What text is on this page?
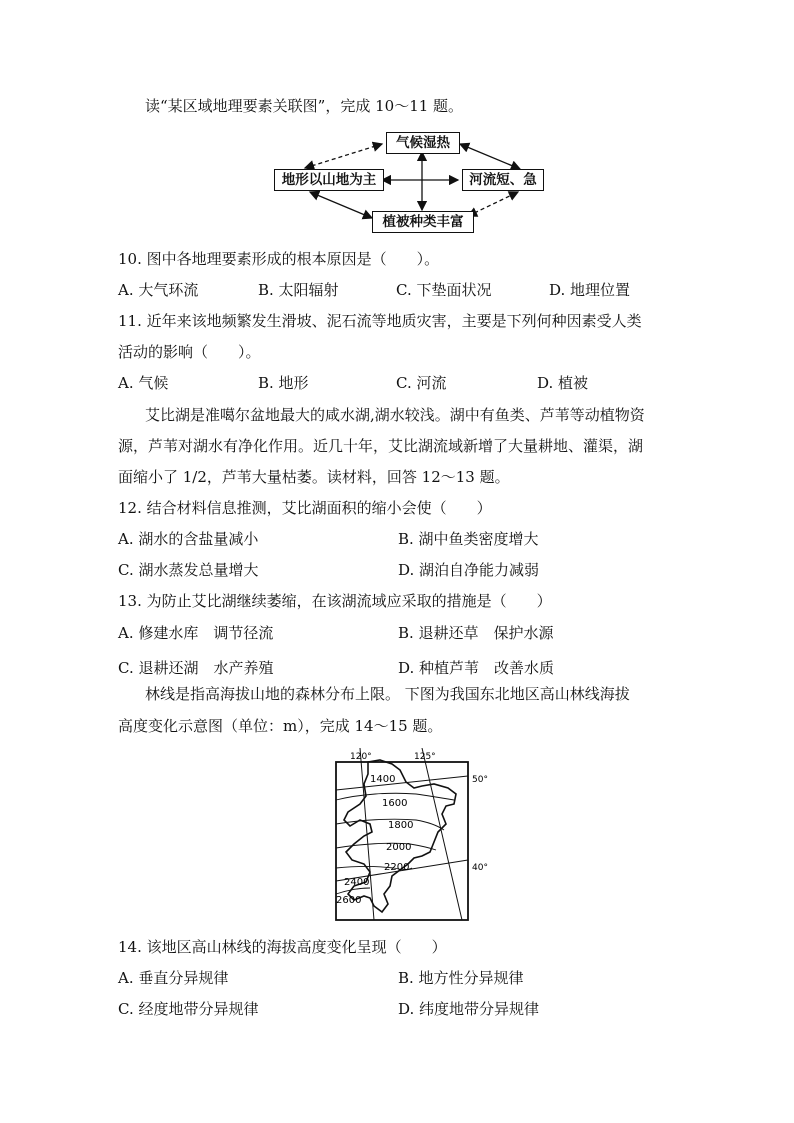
读“某区域地理要素关联图”，完成 10～11 题。
气候湿热
地形以山地为主	河流短、急
植被种类丰富
10. 图中各地理要素形成的根本原因是（　　）。
A. 大气环流	B. 太阳辐射	C. 下垫面状况	D. 地理位置
11. 近年来该地频繁发生滑坡、泥石流等地质灾害，主要是下列何种因素受人类
活动的影响（　　）。
A. 气候	B. 地形	C. 河流	D. 植被
艾比湖是准噶尔盆地最大的咸水湖,湖水较浅。湖中有鱼类、芦苇等动植物资
源，芦苇对湖水有净化作用。近几十年，艾比湖流域新增了大量耕地、灌渠，湖
面缩小了 1/2，芦苇大量枯萎。读材料，回答 12～13 题。
12. 结合材料信息推测，艾比湖面积的缩小会使（　　）
A. 湖水的含盐量减小	B. 湖中鱼类密度增大
C. 湖水蒸发总量增大	D. 湖泊自净能力减弱
13. 为防止艾比湖继续萎缩，在该湖流域应采取的措施是（　　）
A. 修建水库　调节径流	B. 退耕还草　保护水源
C. 退耕还湖　水产养殖	D. 种植芦苇　改善水质
林线是指高海拔山地的森林分布上限。 下图为我国东北地区高山林线海拔
高度变化示意图（单位：m），完成 14～15 题。
120°	125°
50°
40°
1400
1600
1800
2000
2200
2400
2600
14. 该地区高山林线的海拔高度变化呈现（　　）
A. 垂直分异规律	B. 地方性分异规律
C. 经度地带分异规律	D. 纬度地带分异规律
